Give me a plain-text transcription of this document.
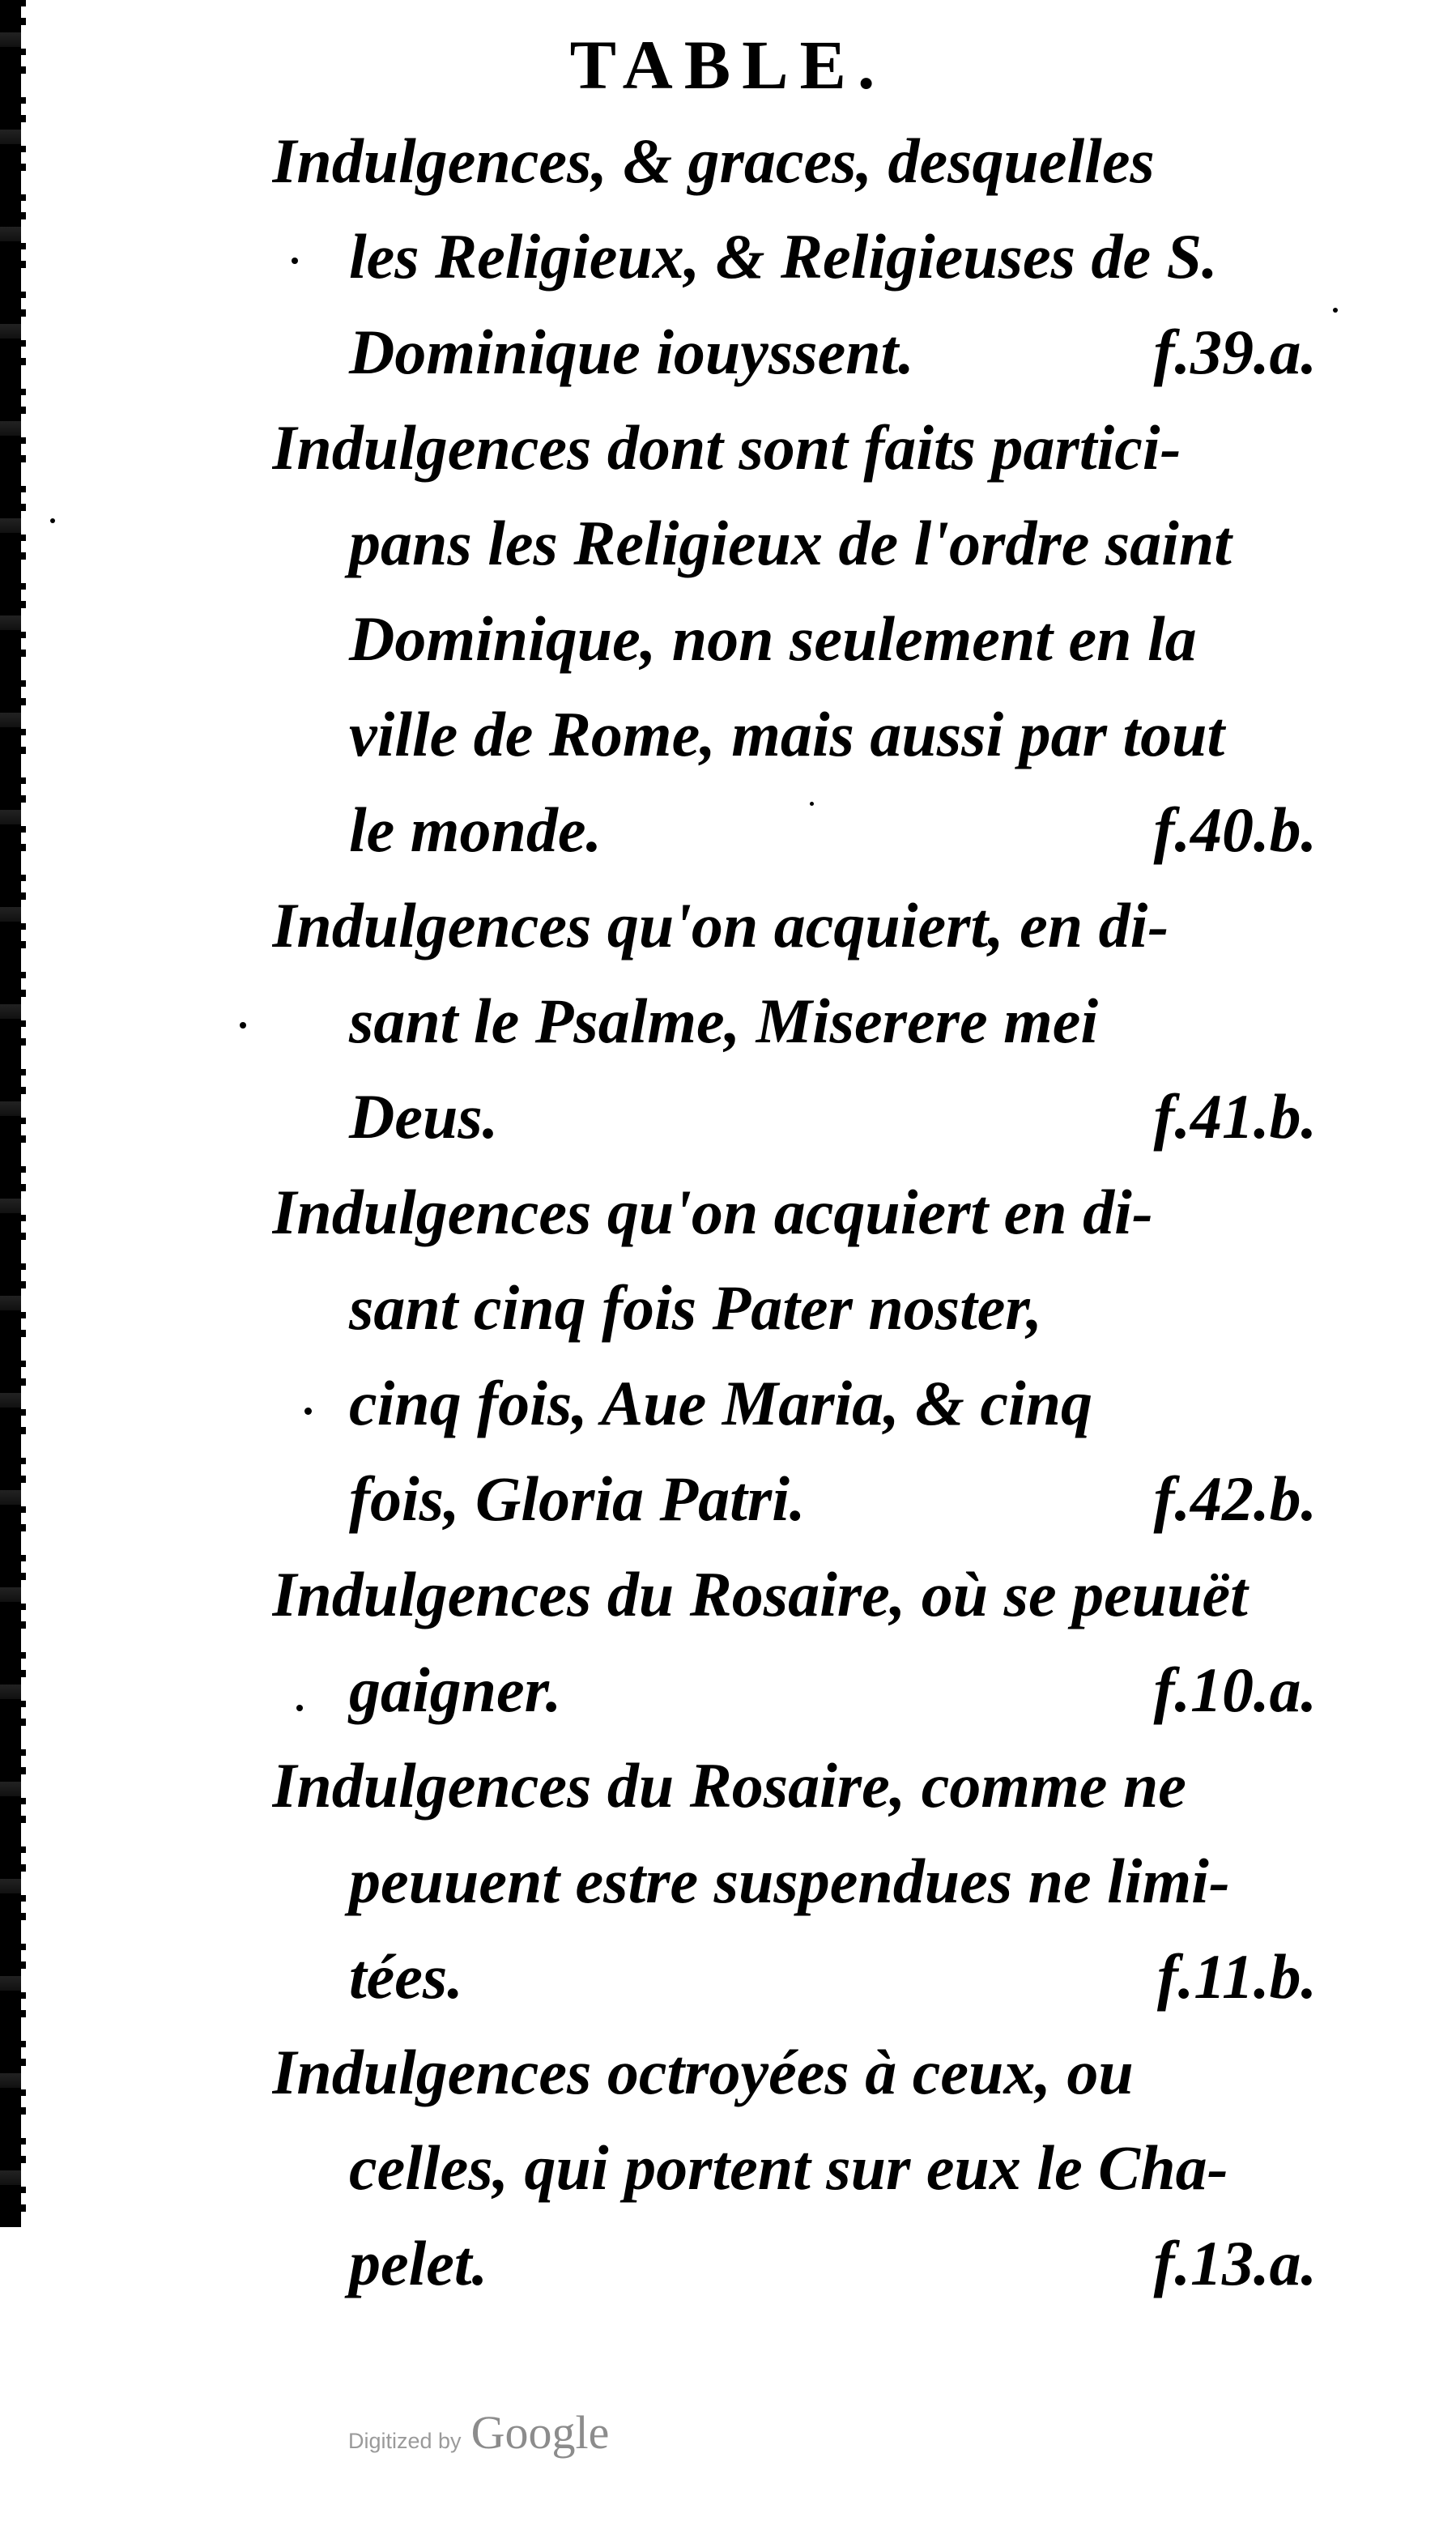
TABLE.
Indulgences, & graces, desquelles
les Religieux, & Religieuses de S.
Dominique iouyssent.	f.39.a.
Indulgences dont sont faits partici-
pans les Religieux de l'ordre saint
Dominique, non seulement en la
ville de Rome, mais aussi par tout
le monde.	f.40.b.
Indulgences qu'on acquiert, en di-
sant le Psalme, Miserere mei
Deus.	f.41.b.
Indulgences qu'on acquiert en di-
sant cinq fois Pater noster,
cinq fois, Aue Maria, & cinq
fois, Gloria Patri.	f.42.b.
Indulgences du Rosaire, où se peuuët
gaigner.	f.10.a.
Indulgences du Rosaire, comme ne
peuuent estre suspendues ne limi-
tées.	f.11.b.
Indulgences octroyées à ceux, ou
celles, qui portent sur eux le Cha-
pelet.	f.13.a.
Digitized by Google
